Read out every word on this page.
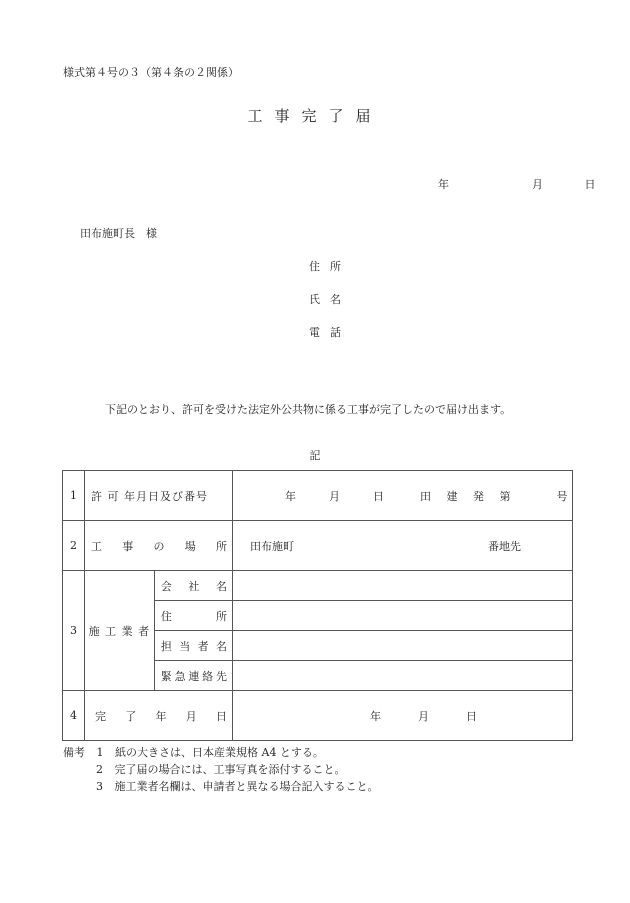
様式第４号の３（第４条の２関係）
工事完了届
年	月	日
田布施町長　様
住所
氏名
電話
下記のとおり、許可を受けた法定外公共物に係る工事が完了したので届け出ます。
記
1	許 可 年月日及び番号		年 月 日 田 建 発 第 号

2	工 事 の 場 所		田布施町 番地先

3	施 工 業 者	会 社 名	

		住 所	

		担 当 者 名	

		緊 急 連 絡 先	

4	完 了 年 月 日		年 月 日
備考 1 紙の大きさは、日本産業規格 A4 とする。
2 完了届の場合には、工事写真を添付すること。
3 施工業者名欄は、申請者と異なる場合記入すること。
